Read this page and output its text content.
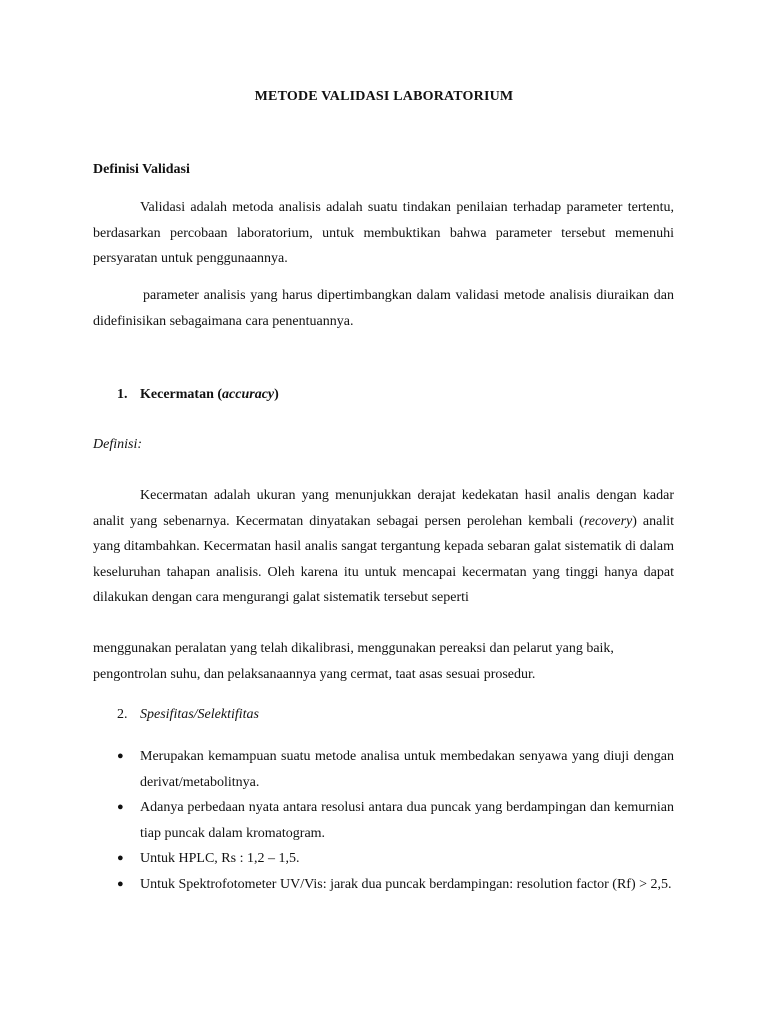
METODE VALIDASI LABORATORIUM
Definisi Validasi

Validasi adalah metoda analisis adalah suatu tindakan penilaian terhadap parameter tertentu, berdasarkan percobaan laboratorium, untuk membuktikan bahwa parameter tersebut memenuhi persyaratan untuk penggunaannya.

parameter analisis yang harus dipertimbangkan dalam validasi metode analisis diuraikan dan didefinisikan sebagaimana cara penentuannya.

1. Kecermatan (accuracy)
Definisi:

Kecermatan adalah ukuran yang menunjukkan derajat kedekatan hasil analis dengan kadar analit yang sebenarnya. Kecermatan dinyatakan sebagai persen perolehan kembali (recovery) analit yang ditambahkan. Kecermatan hasil analis sangat tergantung kepada sebaran galat sistematik di dalam keseluruhan tahapan analisis. Oleh karena itu untuk mencapai kecermatan yang tinggi hanya dapat dilakukan dengan cara mengurangi galat sistematik tersebut seperti

menggunakan peralatan yang telah dikalibrasi, menggunakan pereaksi dan pelarut yang baik, pengontrolan suhu, dan pelaksanaannya yang cermat, taat asas sesuai prosedur.

2. Spesifitas/Selektifitas
●	Merupakan kemampuan suatu metode analisa untuk membedakan senyawa yang diuji dengan derivat/metabolitnya.
●	Adanya perbedaan nyata antara resolusi antara dua puncak yang berdampingan dan kemurnian tiap puncak dalam kromatogram.
●	Untuk HPLC, Rs : 1,2 – 1,5.
●	Untuk Spektrofotometer UV/Vis: jarak dua puncak berdampingan: resolution factor (Rf) > 2,5.
